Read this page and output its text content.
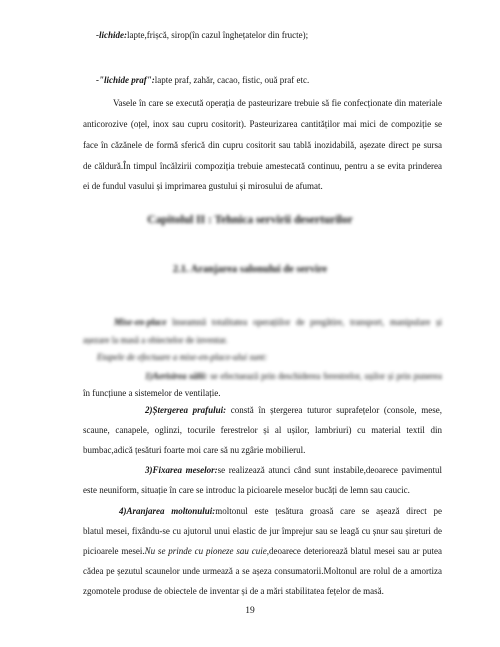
-lichide:lapte,frișcă, sirop(în cazul înghețatelor din fructe);
-"lichide praf":lapte praf, zahăr, cacao, fistic, ouă praf etc.
Vasele în care se execută operația de pasteurizare trebuie să fie confecționate din materiale
anticorozive (oțel, inox sau cupru cositorit). Pasteurizarea cantităților mai mici de compoziție se
face în căzănele de formă sferică din cupru cositorit sau tablă inozidabilă, așezate direct pe sursa
de căldură.În timpul încălzirii compoziția trebuie amestecată continuu, pentru a se evita prinderea
ei de fundul vasului și imprimarea gustului și mirosului de afumat.
Capitolul II : Tehnica servirii deserturilor
2.1. Aranjarea salonului de servire
Mise-en-place înseamnă totalitatea operațiilor de pregătire, transport, manipulare și
așezare la masă a obiectelor de inventar.
Etapele de efectuare a mise-en-place-ului sunt:
1)Aerisirea sălii: se efectuează prin deschiderea ferestrelor, ușilor și prin punerea
în funcțiune a sistemelor de ventilație.
2)Ștergerea prafului: constă în ștergerea tuturor suprafețelor (console, mese,
scaune, canapele, oglinzi, tocurile ferestrelor și al ușilor, lambriuri) cu material textil din
bumbac,adică țesături foarte moi care să nu zgârie mobilierul.
3)Fixarea meselor:se realizează atunci când sunt instabile,deoarece pavimentul
este neuniform, situație în care se introduc la picioarele meselor bucăți de lemn sau caucic.
4)Aranjarea moltonului:moltonul este țesătura groasă care se așează direct pe
blatul mesei, fixându-se cu ajutorul unui elastic de jur împrejur sau se leagă cu șnur sau șireturi de
picioarele mesei.Nu se prinde cu pioneze sau cuie,deoarece deteriorează blatul mesei sau ar putea
cădea pe șezutul scaunelor unde urmează a se așeza consumatorii.Moltonul are rolul de a amortiza
zgomotele produse de obiectele de inventar și de a mări stabilitatea fețelor de masă.
19
